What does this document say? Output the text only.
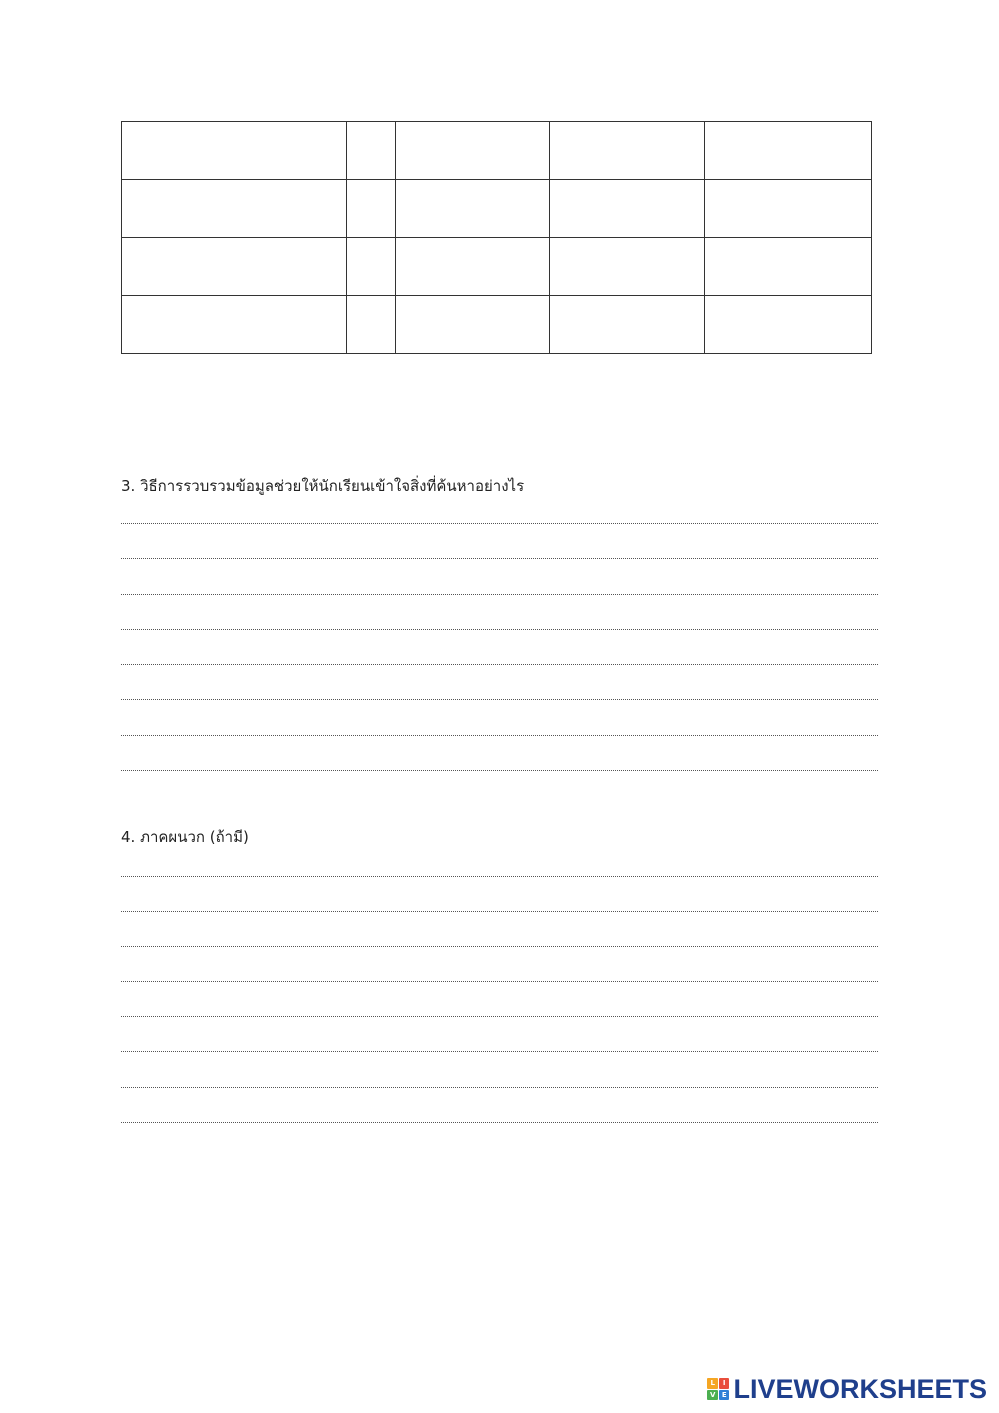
3. วิธีการรวบรวมข้อมูลช่วยให้นักเรียนเข้าใจสิ่งที่ค้นหาอย่างไร
4. ภาคผนวก (ถ้ามี)
L	I
V E LIVEWORKSHEETS
